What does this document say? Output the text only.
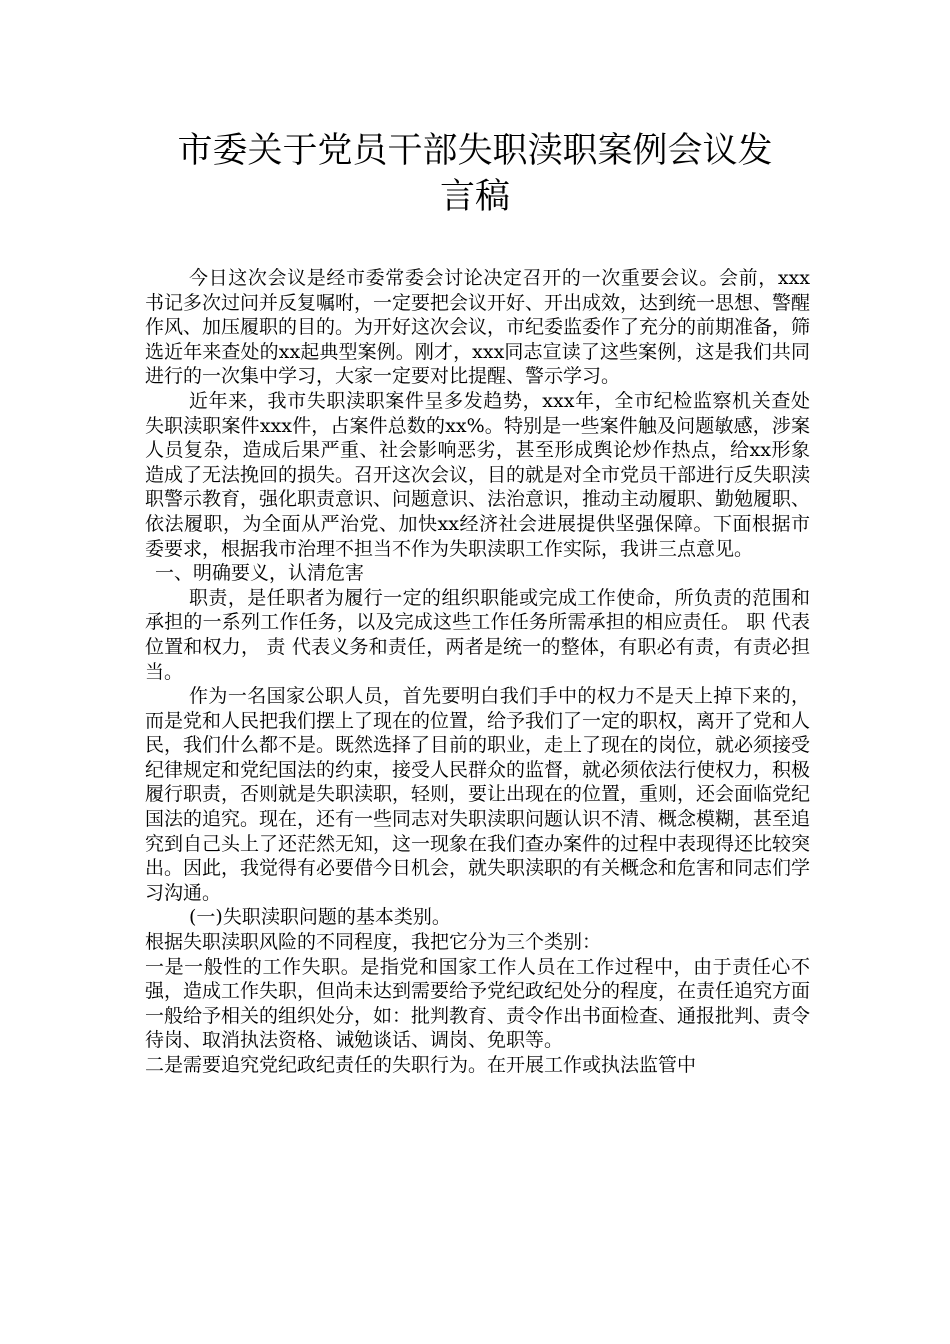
市委关于党员干部失职渎职案例会议发
言稿

今日这次会议是经市委常委会讨论决定召开的一次重要会议。会前，xxx书记多次过问并反复嘱咐，一定要把会议开好、开出成效，达到统一思想、警醒作风、加压履职的目的。为开好这次会议，市纪委监委作了充分的前期准备，筛选近年来查处的xx起典型案例。刚才，xxx同志宣读了这些案例，这是我们共同进行的一次集中学习，大家一定要对比提醒、警示学习。

近年来，我市失职渎职案件呈多发趋势，xxx年，全市纪检监察机关查处失职渎职案件xxx件，占案件总数的xx%。特别是一些案件触及问题敏感，涉案人员复杂，造成后果严重、社会影响恶劣，甚至形成舆论炒作热点，给xx形象造成了无法挽回的损失。召开这次会议，目的就是对全市党员干部进行反失职渎职警示教育，强化职责意识、问题意识、法治意识，推动主动履职、勤勉履职、依法履职，为全面从严治党、加快xx经济社会进展提供坚强保障。下面根据市委要求，根据我市治理不担当不作为失职渎职工作实际，我讲三点意见。

一、明确要义，认清危害

职责，是任职者为履行一定的组织职能或完成工作使命，所负责的范围和承担的一系列工作任务，以及完成这些工作任务所需承担的相应责任。 职 代表位置和权力， 责 代表义务和责任，两者是统一的整体，有职必有责，有责必担当。

作为一名国家公职人员，首先要明白我们手中的权力不是天上掉下来的，而是党和人民把我们摆上了现在的位置，给予我们了一定的职权，离开了党和人民，我们什么都不是。既然选择了目前的职业，走上了现在的岗位，就必须接受纪律规定和党纪国法的约束，接受人民群众的监督，就必须依法行使权力，积极履行职责，否则就是失职渎职，轻则，要让出现在的位置，重则，还会面临党纪国法的追究。现在，还有一些同志对失职渎职问题认识不清、概念模糊，甚至追究到自己头上了还茫然无知，这一现象在我们查办案件的过程中表现得还比较突出。因此，我觉得有必要借今日机会，就失职渎职的有关概念和危害和同志们学习沟通。

(一)失职渎职问题的基本类别。

根据失职渎职风险的不同程度，我把它分为三个类别：

一是一般性的工作失职。是指党和国家工作人员在工作过程中，由于责任心不强，造成工作失职，但尚未达到需要给予党纪政纪处分的程度，在责任追究方面一般给予相关的组织处分，如：批判教育、责令作出书面检查、通报批判、责令待岗、取消执法资格、诫勉谈话、调岗、免职等。

二是需要追究党纪政纪责任的失职行为。在开展工作或执法监管中
